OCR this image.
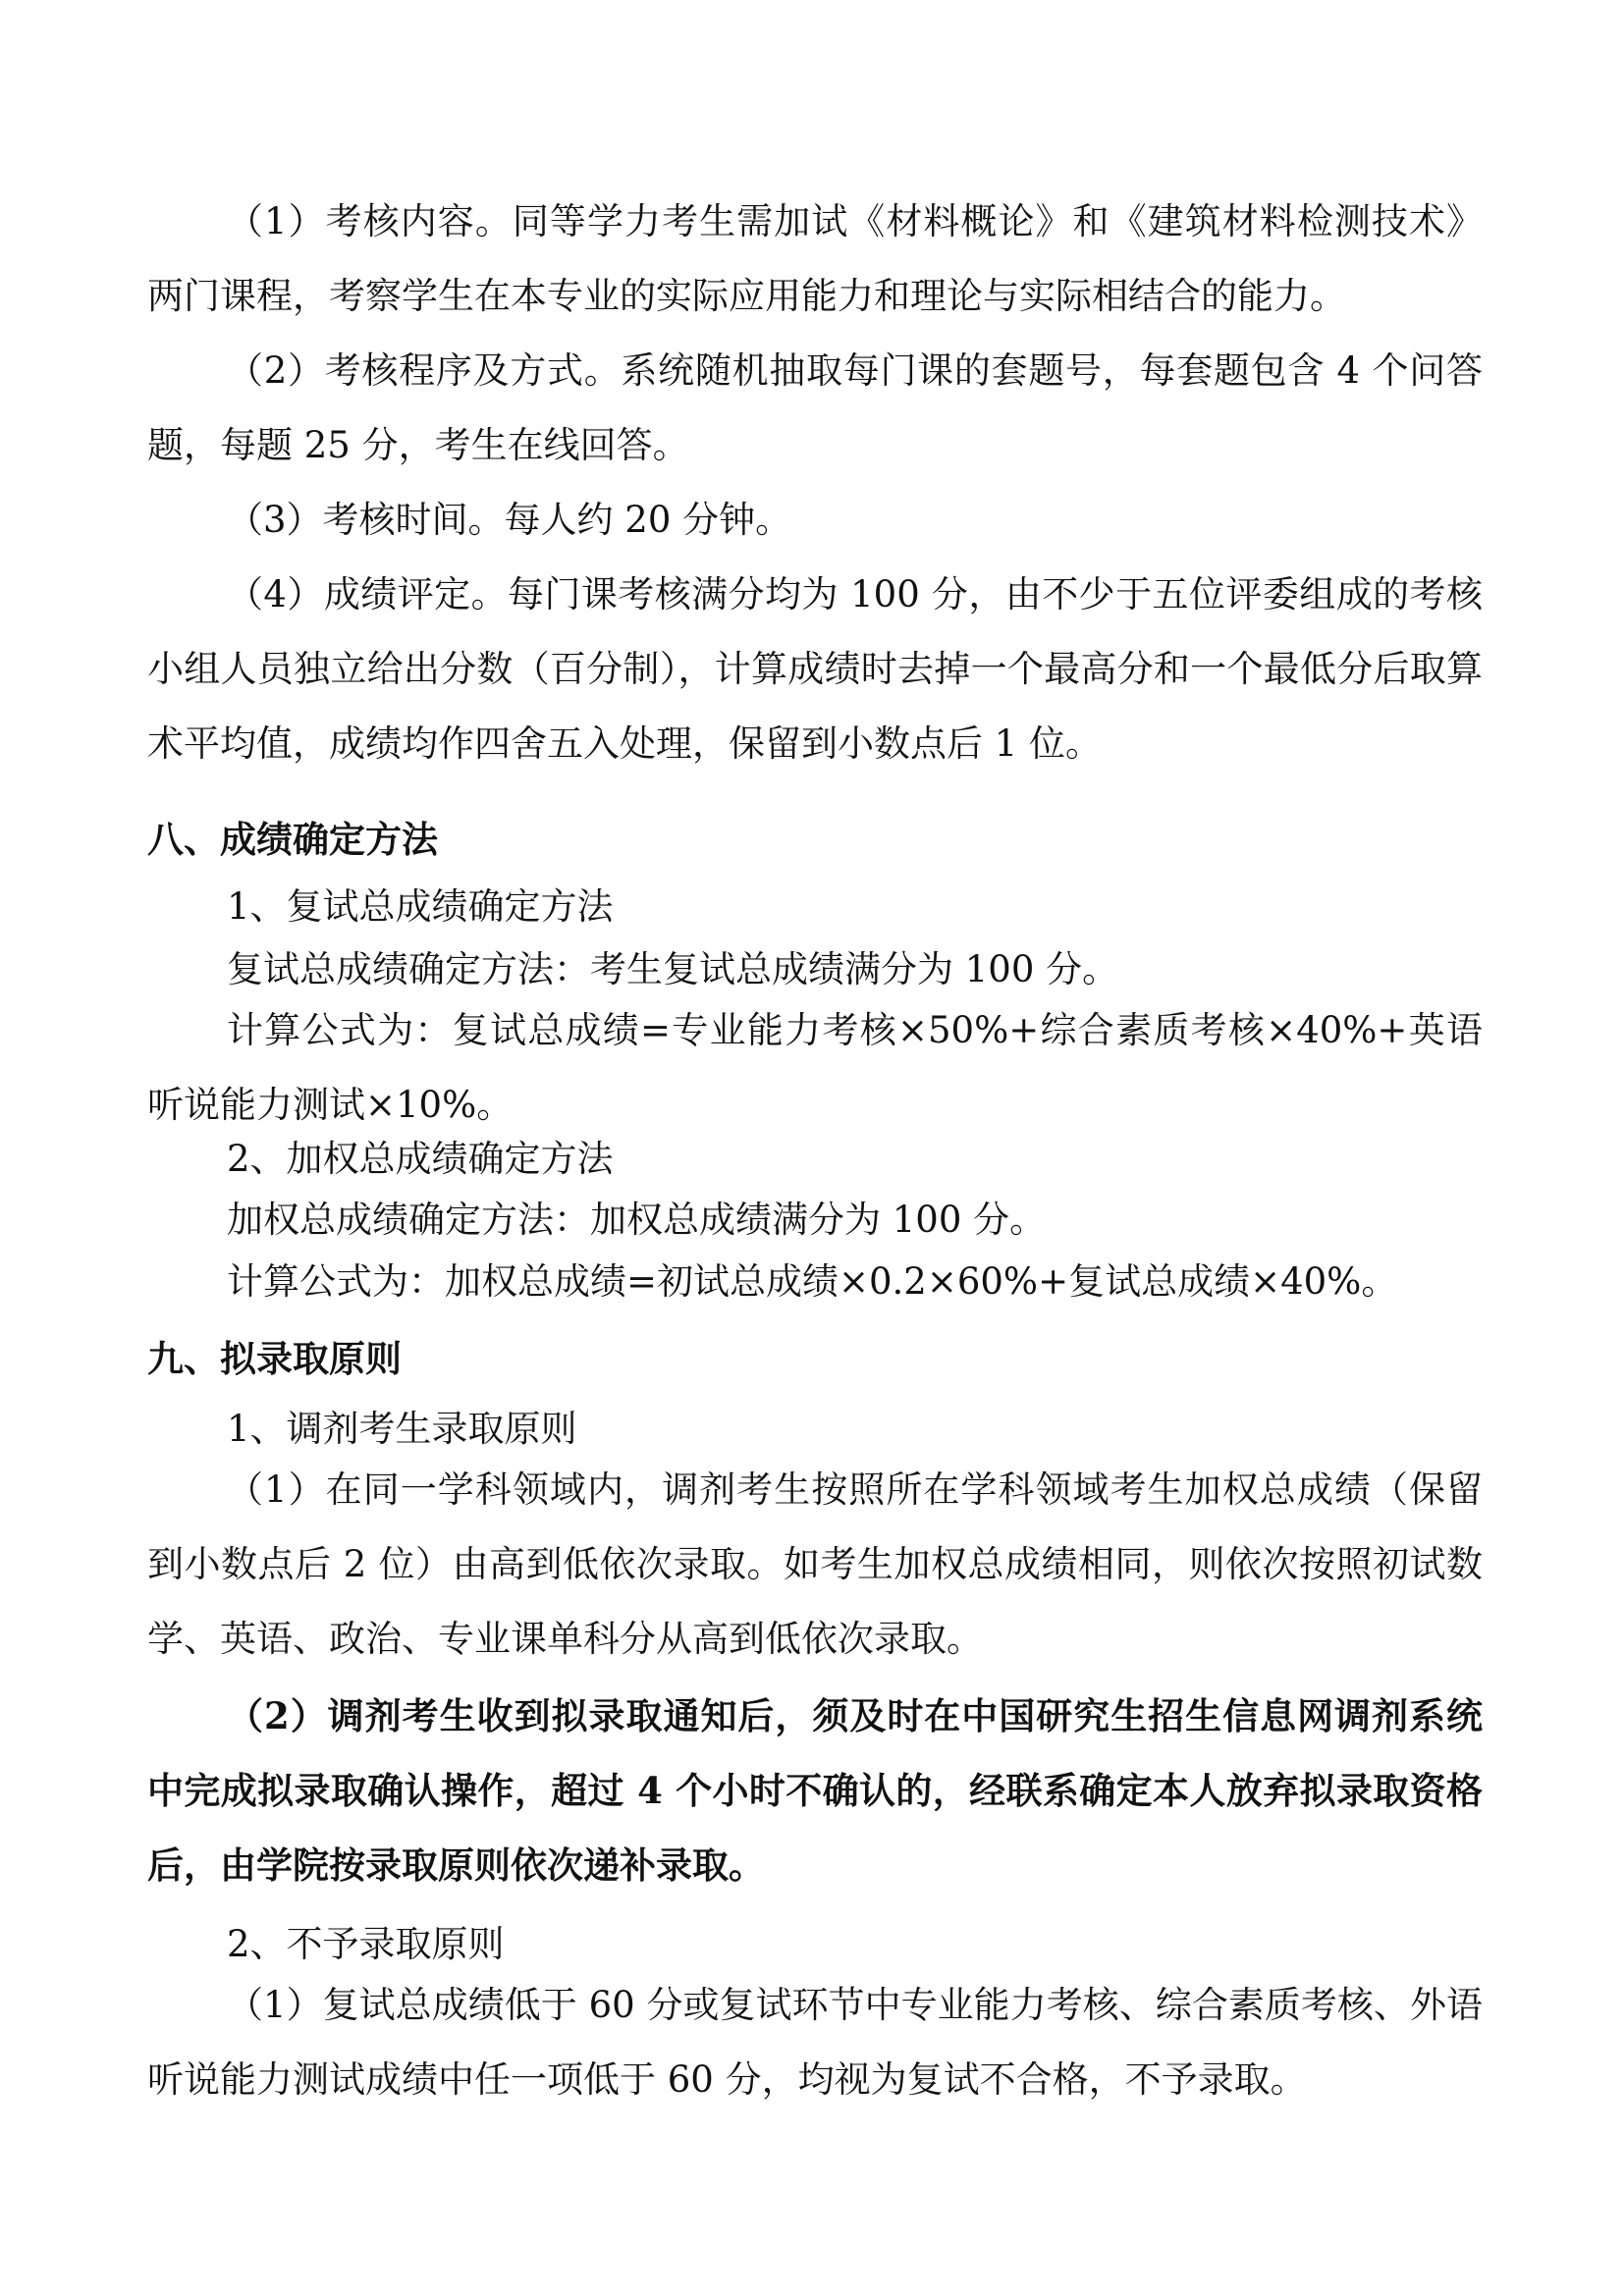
（1）考核内容。同等学力考生需加试《材料概论》和《建筑材料检测技术》两门课程，考察学生在本专业的实际应用能力和理论与实际相结合的能力。

（2）考核程序及方式。系统随机抽取每门课的套题号，每套题包含 4 个问答题，每题 25 分，考生在线回答。

（3）考核时间。每人约 20 分钟。

（4）成绩评定。每门课考核满分均为 100 分，由不少于五位评委组成的考核小组人员独立给出分数（百分制），计算成绩时去掉一个最高分和一个最低分后取算术平均值，成绩均作四舍五入处理，保留到小数点后 1 位。

八、成绩确定方法

1、复试总成绩确定方法

复试总成绩确定方法：考生复试总成绩满分为 100 分。

计算公式为：复试总成绩=专业能力考核×50%+综合素质考核×40%+英语听说能力测试×10%。

2、加权总成绩确定方法

加权总成绩确定方法：加权总成绩满分为 100 分。

计算公式为：加权总成绩=初试总成绩×0.2×60%+复试总成绩×40%。

九、拟录取原则

1、调剂考生录取原则

（1）在同一学科领域内，调剂考生按照所在学科领域考生加权总成绩（保留到小数点后 2 位）由高到低依次录取。如考生加权总成绩相同，则依次按照初试数学、英语、政治、专业课单科分从高到低依次录取。

（2）调剂考生收到拟录取通知后，须及时在中国研究生招生信息网调剂系统中完成拟录取确认操作，超过 4 个小时不确认的，经联系确定本人放弃拟录取资格后，由学院按录取原则依次递补录取。

2、不予录取原则

（1）复试总成绩低于 60 分或复试环节中专业能力考核、综合素质考核、外语听说能力测试成绩中任一项低于 60 分，均视为复试不合格，不予录取。
